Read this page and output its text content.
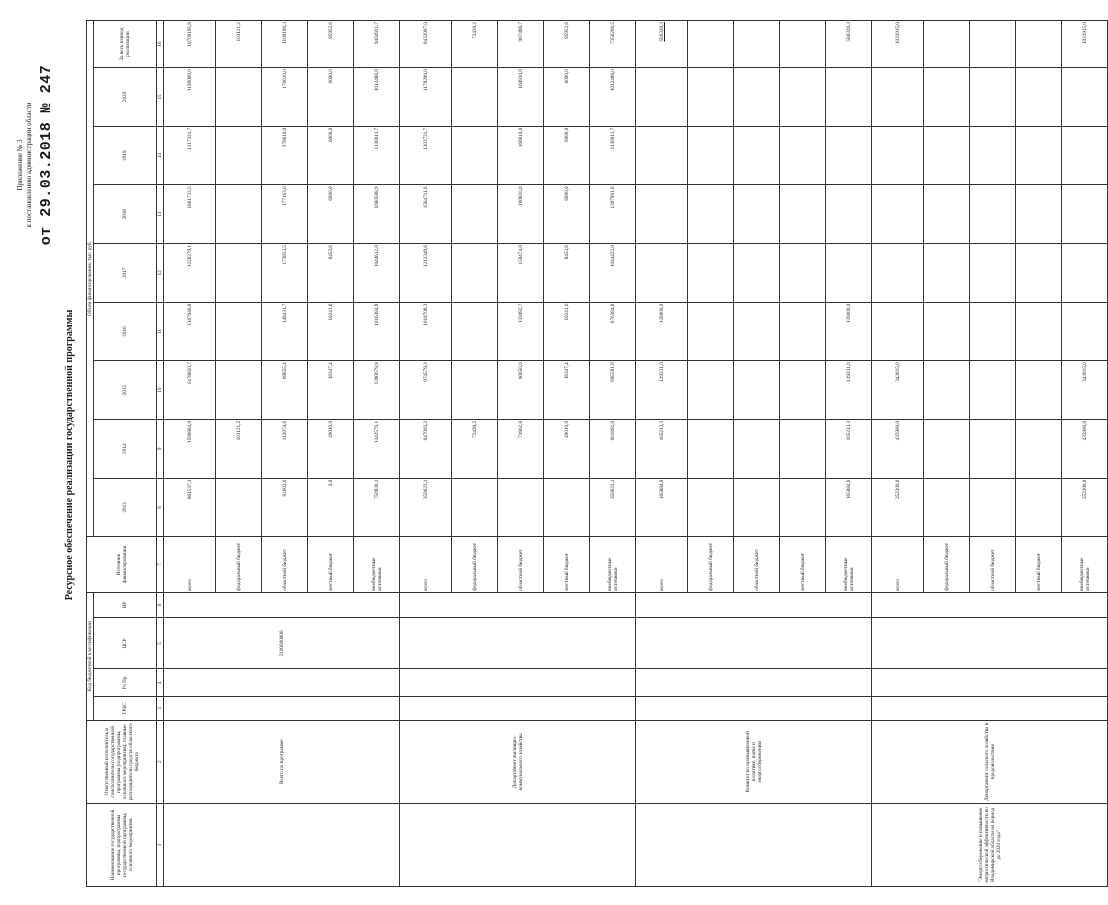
Приложение № 3 к постановлению администрации области от 29.03.2018 № 247
Ресурсное обеспечение реализации государственной программы
Наименование государственной программы, подпрограммы государственной программы, основного мероприятия	Ответственный исполнитель и соисполнители государственной программы (подпрограммы, основного мероприятия), главные распорядители средств областного бюджета	Код бюджетной классификации				Источник финансирования	Объем финансирования, тыс. руб.								
		ГРБС	Рз Пр	ЦСР	ВР		2013	2014	2015	2016	2017	2018	2019	2020	За весь период реализации
1	2	3	4	5	6	7	8	9	10	11	12	13	14	15	16
	Всего по программе			2100000000		всего	861537,1	1596884,9	1478850,7	1167946,8	1228279,1	1861732,5	1317321,7	1190099,0	10709195,8
						федеральный бюджет		103121,2							103121,2
						областной бюджет	82602,0	112074,6	69855,4	140431,7	173853,5	177163,6	176610,0	176610,0	1109190,3
						местный бюджет	0,0	49010,0	18347,4	10241,6	8453,6	6000,0	6000,0	6000,0	95952,6
						внебюджетные источники	750930,1	1342579,1	1390679,9	1016384,0	1044612,0	1680588,9	1136911,7	1012488,0	9404931,7
	Департамент жилищно-коммунального хозяйства					всего	350623,1	847003,2	974579,3	1019708,3	1213349,6	1564711,8	1303721,7	1179299,0	8432097,0
						федеральный бюджет		72439,2							72439,2
						областной бюджет		71862,0	60650,0	133082,7	159474,0	160810,0	160810,0	160810,0	907498,7
						местный бюджет		49010,0	18347,4	10241,6	8453,6	6000,0	6000,0	6000,0	95952,6
						внебюджетные источники	350623,1	661892,0	895581,9	876384,0	1044422,0	1397901,8	1136911,7	1012488,0	7356206,5
	Комитет по промышленной политике, науке и энергосбережению					всего	165884,0	165213,3	129231,0	120000,0					580328,3
						федеральный бюджет									
						областной бюджет									
						местный бюджет									
						внебюджетные источники	165884,0	165213,3	129231,0	120000,0					580328,3
"Энергосбережение и повышение энергетической эффективности во Владимирской области на период до 2020 года"	Департамент сельского хозяйства и продовольствия					всего	252200,0	435900,0	343815,0						1031915,0
						федеральный бюджет									
						областной бюджет									
						местный бюджет									
						внебюджетные источники	252200,0	435900,0	343815,0						1031915,0
